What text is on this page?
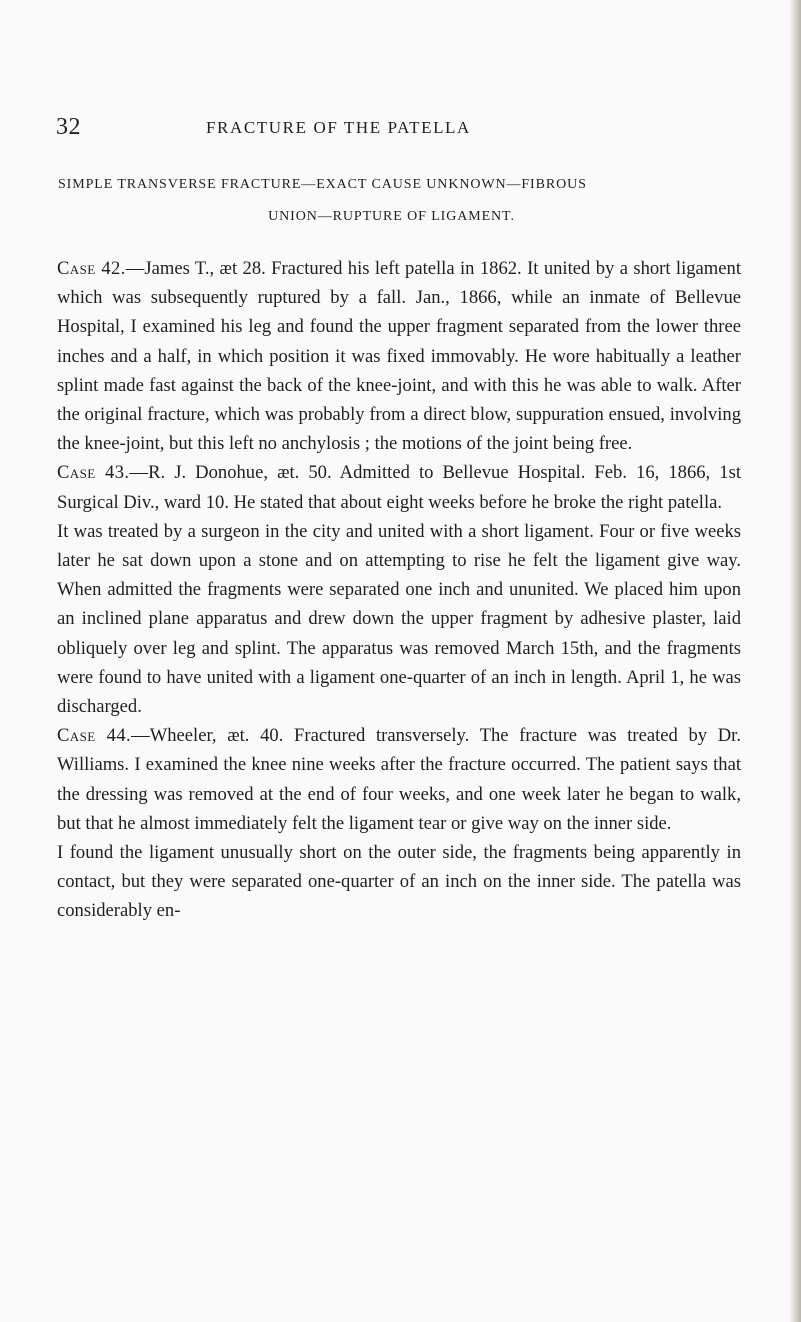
32	FRACTURE OF THE PATELLA
SIMPLE TRANSVERSE FRACTURE—EXACT CAUSE UNKNOWN—FIBROUS
UNION—RUPTURE OF LIGAMENT.

Case 42.—James T., æt 28. Fractured his left patella in 1862. It united by a short ligament which was subsequently ruptured by a fall. Jan., 1866, while an inmate of Bellevue Hospital, I examined his leg and found the upper fragment separated from the lower three inches and a half, in which position it was fixed immovably. He wore habitually a leather splint made fast against the back of the knee-joint, and with this he was able to walk. After the original fracture, which was probably from a direct blow, suppuration ensued, involving the knee-joint, but this left no anchylosis ; the motions of the joint being free.

Case 43.—R. J. Donohue, æt. 50. Admitted to Bellevue Hospital. Feb. 16, 1866, 1st Surgical Div., ward 10. He stated that about eight weeks before he broke the right patella.

It was treated by a surgeon in the city and united with a short ligament. Four or five weeks later he sat down upon a stone and on attempting to rise he felt the ligament give way. When admitted the fragments were separated one inch and ununited. We placed him upon an inclined plane apparatus and drew down the upper fragment by adhesive plaster, laid obliquely over leg and splint. The apparatus was removed March 15th, and the fragments were found to have united with a ligament one-quarter of an inch in length. April 1, he was discharged.

Case 44.—Wheeler, æt. 40. Fractured transversely. The fracture was treated by Dr. Williams. I examined the knee nine weeks after the fracture occurred. The patient says that the dressing was removed at the end of four weeks, and one week later he began to walk, but that he almost immediately felt the ligament tear or give way on the inner side.

I found the ligament unusually short on the outer side, the fragments being apparently in contact, but they were separated one-quarter of an inch on the inner side. The patella was considerably en-
